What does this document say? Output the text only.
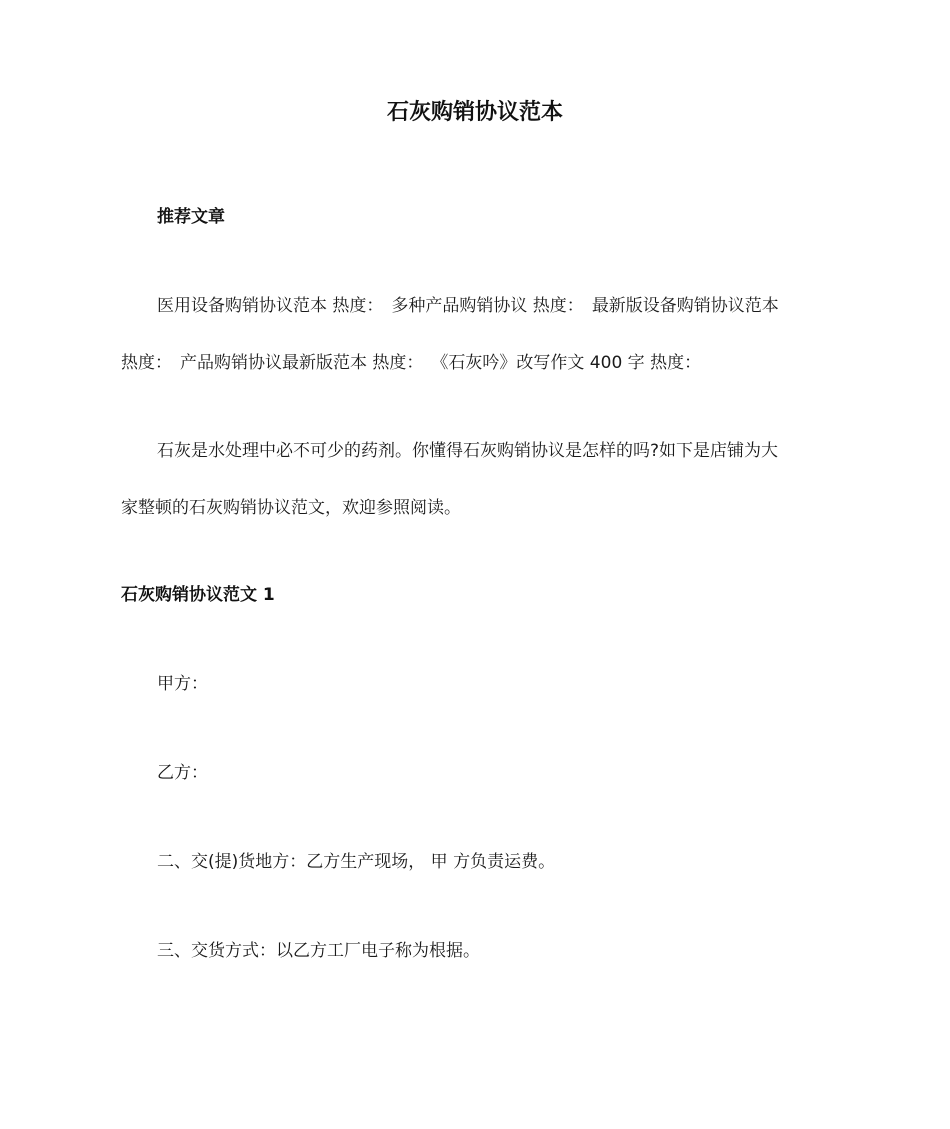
石灰购销协议范本
推荐文章
医用设备购销协议范本 热度： 多种产品购销协议 热度： 最新版设备购销协议范本
热度： 产品购销协议最新版范本 热度： 《石灰吟》改写作文 400 字 热度：
石灰是水处理中必不可少的药剂。你懂得石灰购销协议是怎样的吗?如下是店铺为大
家整顿的石灰购销协议范文，欢迎参照阅读。
石灰购销协议范文 1
甲方：
乙方：
二、交(提)货地方：乙方生产现场， 甲 方负责运费。
三、交货方式：以乙方工厂电子称为根据。
